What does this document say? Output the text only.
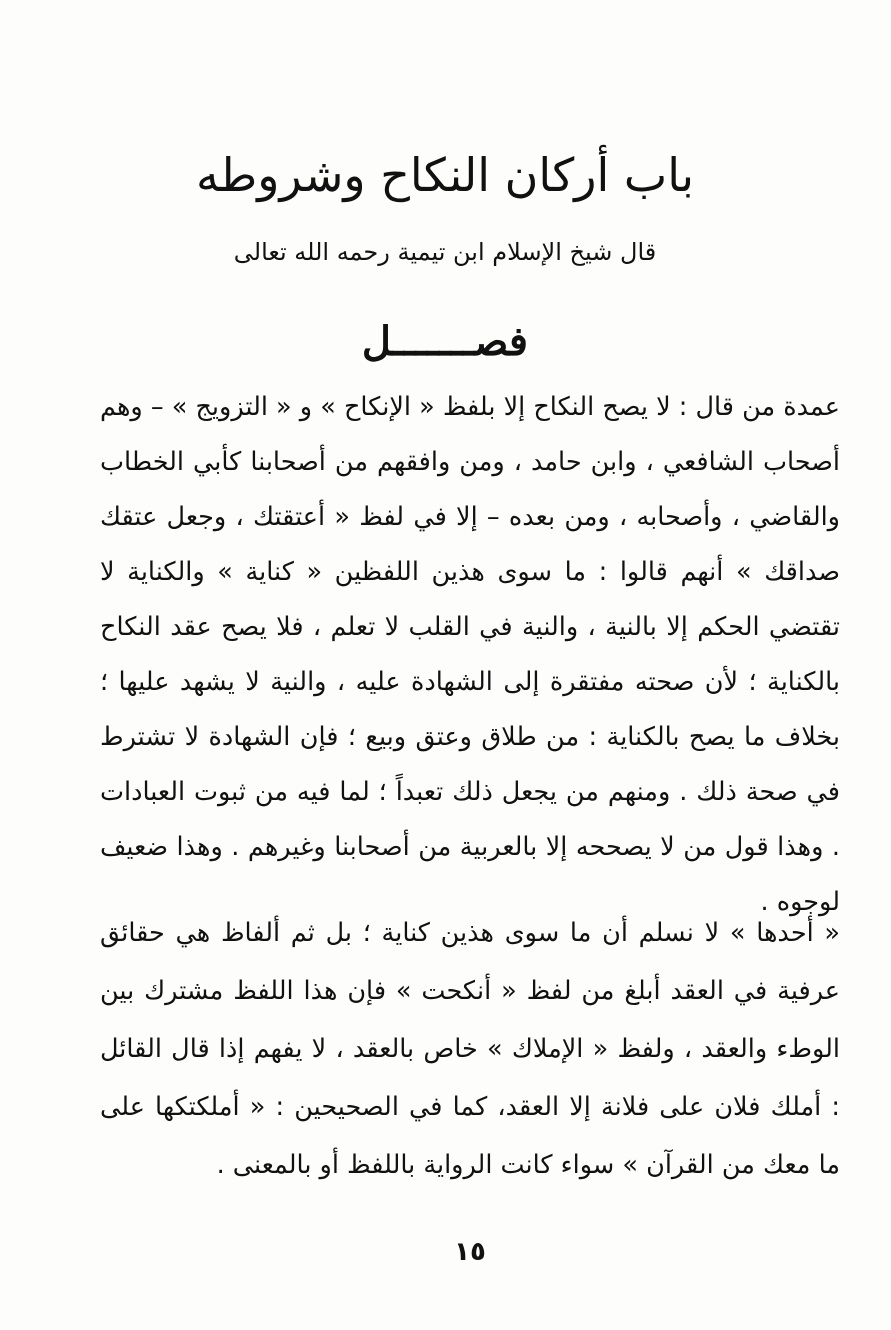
باب أركان النكاح وشروطه
قال شيخ الإسلام ابن تيمية رحمه الله تعالى
فصـــــــل

عمدة من قال : لا يصح النكاح إلا بلفظ « الإنكاح » و « التزويج » – وهم أصحاب الشافعي ، وابن حامد ، ومن وافقهم من أصحابنا كأبي الخطاب والقاضي ، وأصحابه ، ومن بعده – إلا في لفظ « أعتقتك ، وجعل عتقك صداقك » أنهم قالوا : ما سوى هذين اللفظين « كناية » والكناية لا تقتضي الحكم إلا بالنية ، والنية في القلب لا تعلم ، فلا يصح عقد النكاح بالكناية ؛ لأن صحته مفتقرة إلى الشهادة عليه ، والنية لا يشهد عليها ؛ بخلاف ما يصح بالكناية : من طلاق وعتق وبيع ؛ فإن الشهادة لا تشترط في صحة ذلك . ومنهم من يجعل ذلك تعبداً ؛ لما فيه من ثبوت العبادات . وهذا قول من لا يصححه إلا بالعربية من أصحابنا وغيرهم . وهذا ضعيف لوجوه .

« أحدها » لا نسلم أن ما سوى هذين كناية ؛ بل ثم ألفاظ هي حقائق عرفية في العقد أبلغ من لفظ « أنكحت » فإن هذا اللفظ مشترك بين الوطء والعقد ، ولفظ « الإملاك » خاص بالعقد ، لا يفهم إذا قال القائل : أملك فلان على فلانة إلا العقد، كما في الصحيحين : « أملكتكها على ما معك من القرآن » سواء كانت الرواية باللفظ أو بالمعنى .

١٥
